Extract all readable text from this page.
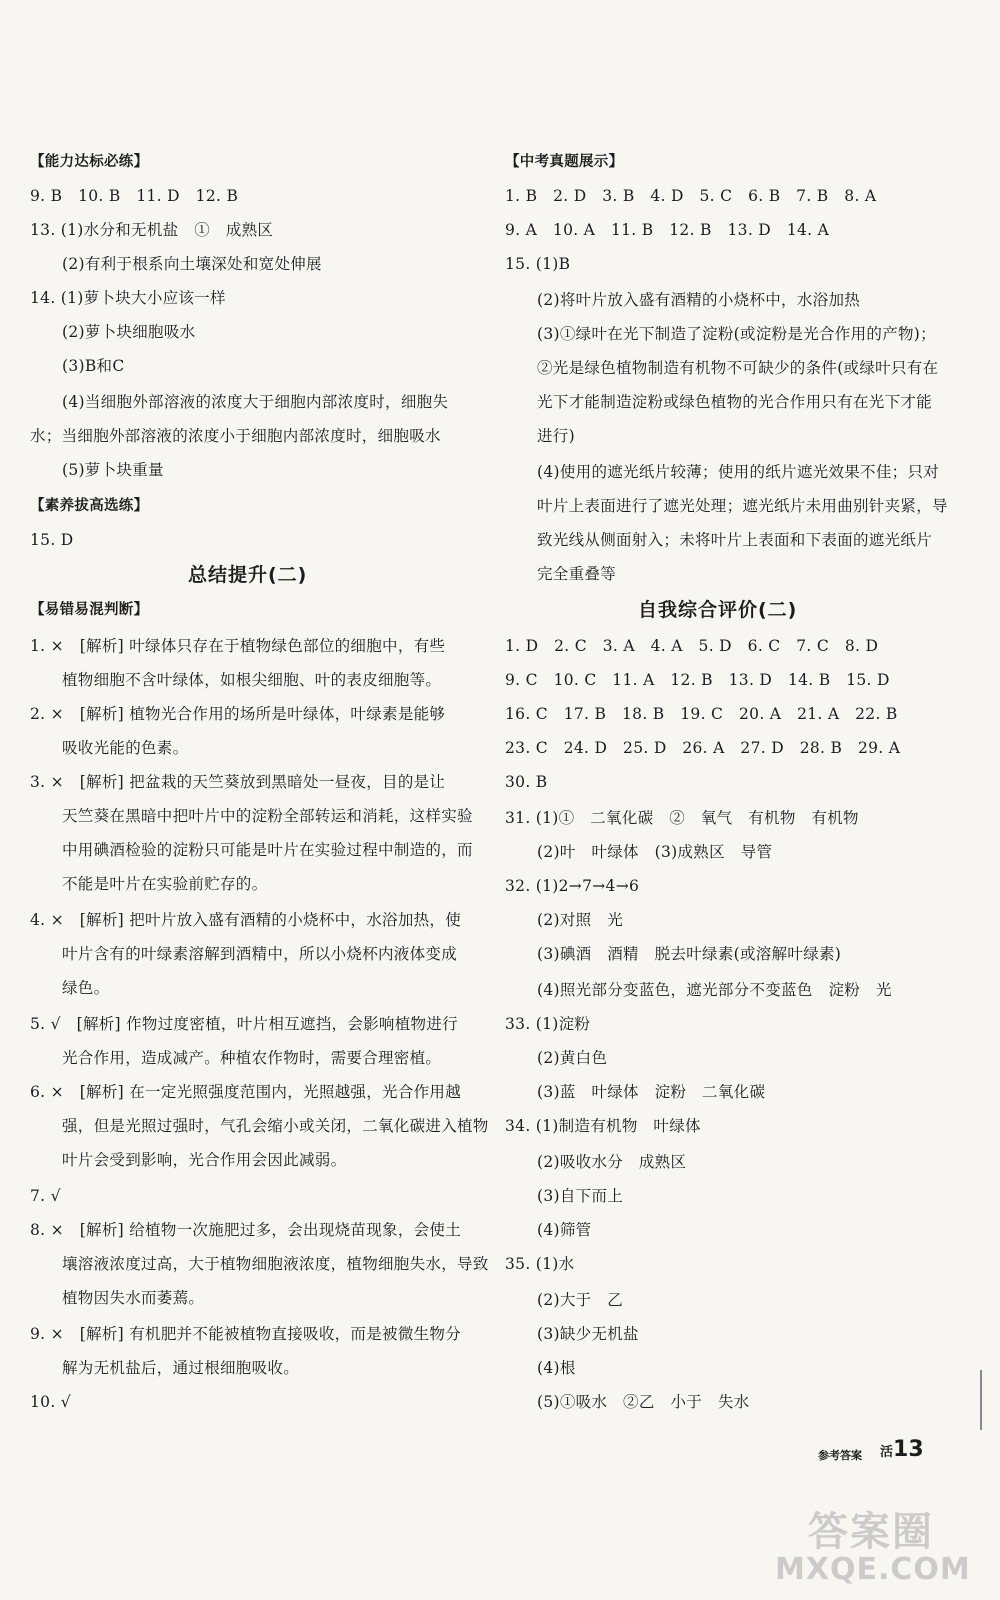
【能力达标必练】
9. B　10. B　11. D　12. B
13. (1)水分和无机盐　①　成熟区
(2)有利于根系向土壤深处和宽处伸展
14. (1)萝卜块大小应该一样
(2)萝卜块细胞吸水
(3)B和C
(4)当细胞外部溶液的浓度大于细胞内部浓度时，细胞失
水；当细胞外部溶液的浓度小于细胞内部浓度时，细胞吸水
(5)萝卜块重量
【素养拔高选练】
15. D
总结提升(二)
【易错易混判断】
1. ×　[解析] 叶绿体只存在于植物绿色部位的细胞中，有些
植物细胞不含叶绿体，如根尖细胞、叶的表皮细胞等。
2. ×　[解析] 植物光合作用的场所是叶绿体，叶绿素是能够
吸收光能的色素。
3. ×　[解析] 把盆栽的天竺葵放到黑暗处一昼夜，目的是让
天竺葵在黑暗中把叶片中的淀粉全部转运和消耗，这样实验
中用碘酒检验的淀粉只可能是叶片在实验过程中制造的，而
不能是叶片在实验前贮存的。
4. ×　[解析] 把叶片放入盛有酒精的小烧杯中，水浴加热，使
叶片含有的叶绿素溶解到酒精中，所以小烧杯内液体变成
绿色。
5. √　[解析] 作物过度密植，叶片相互遮挡，会影响植物进行
光合作用，造成减产。种植农作物时，需要合理密植。
6. ×　[解析] 在一定光照强度范围内，光照越强，光合作用越
强，但是光照过强时，气孔会缩小或关闭，二氧化碳进入植物
叶片会受到影响，光合作用会因此减弱。
7. √
8. ×　[解析] 给植物一次施肥过多，会出现烧苗现象，会使土
壤溶液浓度过高，大于植物细胞液浓度，植物细胞失水，导致
植物因失水而萎蔫。
9. ×　[解析] 有机肥并不能被植物直接吸收，而是被微生物分
解为无机盐后，通过根细胞吸收。
10. √
【中考真题展示】
1. B　2. D　3. B　4. D　5. C　6. B　7. B　8. A
9. A　10. A　11. B　12. B　13. D　14. A
15. (1)B
(2)将叶片放入盛有酒精的小烧杯中，水浴加热
(3)①绿叶在光下制造了淀粉(或淀粉是光合作用的产物)；
②光是绿色植物制造有机物不可缺少的条件(或绿叶只有在
光下才能制造淀粉或绿色植物的光合作用只有在光下才能
进行)
(4)使用的遮光纸片较薄；使用的纸片遮光效果不佳；只对
叶片上表面进行了遮光处理；遮光纸片未用曲别针夹紧，导
致光线从侧面射入；未将叶片上表面和下表面的遮光纸片
完全重叠等
自我综合评价(二)
1. D　2. C　3. A　4. A　5. D　6. C　7. C　8. D
9. C　10. C　11. A　12. B　13. D　14. B　15. D
16. C　17. B　18. B　19. C　20. A　21. A　22. B
23. C　24. D　25. D　26. A　27. D　28. B　29. A
30. B
31. (1)①　二氧化碳　②　氧气　有机物　有机物
(2)叶　叶绿体　(3)成熟区　导管
32. (1)2→7→4→6
(2)对照　光
(3)碘酒　酒精　脱去叶绿素(或溶解叶绿素)
(4)照光部分变蓝色，遮光部分不变蓝色　淀粉　光
33. (1)淀粉
(2)黄白色
(3)蓝　叶绿体　淀粉　二氧化碳
34. (1)制造有机物　叶绿体
(2)吸收水分　成熟区
(3)自下而上
(4)筛管
35. (1)水
(2)大于　乙
(3)缺少无机盐
(4)根
(5)①吸水　②乙　小于　失水
参考答案 活13
答案圈
MXQE.COM
